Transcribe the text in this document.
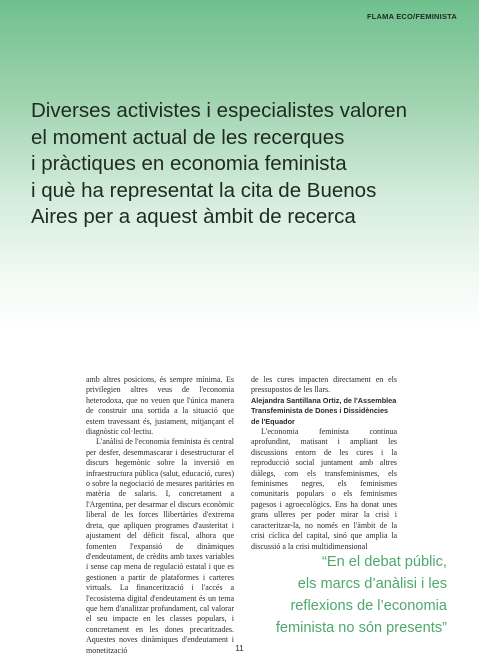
FLAMA ECO/FEMINISTA
Diverses activistes i especialistes valoren
el moment actual de les recerques
i pràctiques en economia feminista
i què ha representat la cita de Buenos
Aires per a aquest àmbit de recerca

amb altres posicions, és sempre mínima. Es privilegien altres veus de l'economia heterodoxa, que no veuen que l'única manera de construir una sortida a la situació que estem travessant és, justament, mitjançant el diagnòstic col·lectiu.

L'anàlisi de l'economia feminista és central per desfer, desemmascarar i desestructurar el discurs hegemònic sobre la inversió en infraestructura pública (salut, educació, cures) o sobre la negociació de mesures paritàries en matèria de salaris. I, concretament a l'Argentina, per desarmar el discurs econòmic liberal de les forces llibertàries d'extrema dreta, que apliquen programes d'austeritat i ajustament del dèficit fiscal, alhora que fomenten l'expansió de dinàmiques d'endeutament, de crèdits amb taxes variables i sense cap mena de regulació estatal i que es gestionen a partir de plataformes i carteres virtuals. La financerització i l'accés a l'ecosistema digital d'endeutament és un tema que hem d'analitzar profundament, cal valorar el seu impacte en les classes populars, i concretament en les dones precaritzades. Aquestes noves dinàmiques d'endeutament i monetització

de les cures impacten directament en els pressupostos de les llars.

Alejandra Santillana Ortiz, de l'Assemblea Transfeminista de Dones i Dissidències de l'Equador

L'economia feminista continua aprofundint, matisant i ampliant les discussions entorn de les cures i la reproducció social juntament amb altres diàlegs, com els transfeminismes, els feminismes negres, els feminismes comunitaris populars o els feminismes pagesos i agroecològics. Ens ha donat unes grans ulleres per poder mirar la crisi i caracteritzar-la, no només en l'àmbit de la crisi cíclica del capital, sinó que amplia la discussió a la crisi multidimensional

“En el debat públic,
els marcs d’anàlisi i les
reflexions de l’economia
feminista no són presents”
11
